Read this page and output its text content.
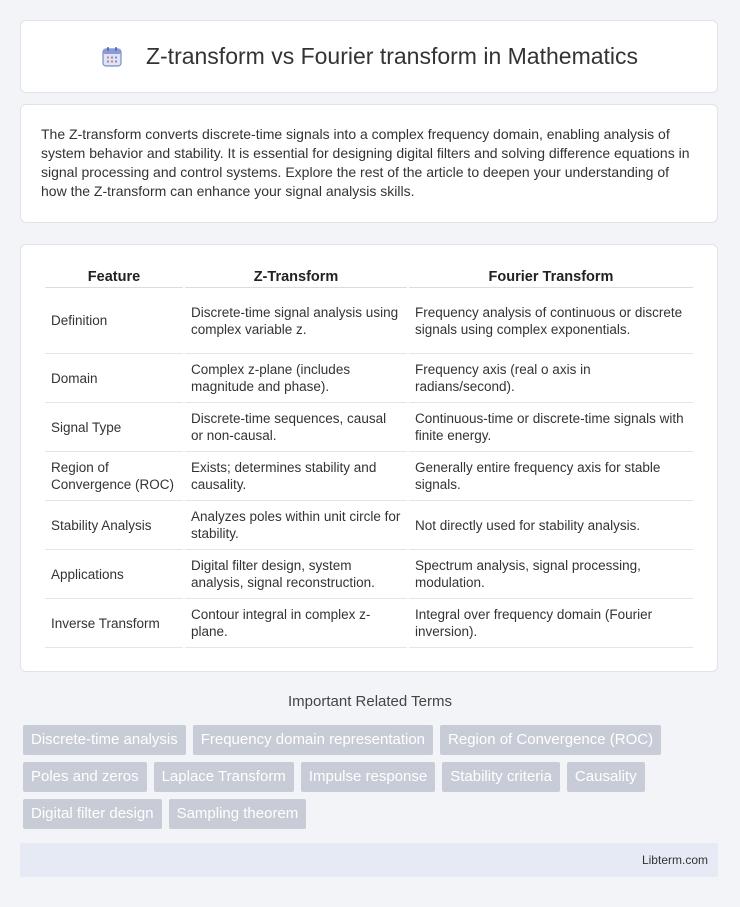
Z-transform vs Fourier transform in Mathematics

The Z-transform converts discrete-time signals into a complex frequency domain, enabling analysis of system behavior and stability. It is essential for designing digital filters and solving difference equations in signal processing and control systems. Explore the rest of the article to deepen your understanding of how the Z-transform can enhance your signal analysis skills.

Feature	Z-Transform	Fourier Transform
Definition	Discrete-time signal analysis using complex variable z.	Frequency analysis of continuous or discrete signals using complex exponentials.
Domain	Complex z-plane (includes magnitude and phase).	Frequency axis (real ο axis in radians/second).
Signal Type	Discrete-time sequences, causal or non-causal.	Continuous-time or discrete-time signals with finite energy.
Region of Convergence (ROC)	Exists; determines stability and causality.	Generally entire frequency axis for stable signals.
Stability Analysis	Analyzes poles within unit circle for stability.	Not directly used for stability analysis.
Applications	Digital filter design, system analysis, signal reconstruction.	Spectrum analysis, signal processing, modulation.
Inverse Transform	Contour integral in complex z-plane.	Integral over frequency domain (Fourier inversion).
Important Related Terms
Discrete-time analysis	Frequency domain representation	Region of Convergence (ROC)
Poles and zeros	Laplace Transform	Impulse response	Stability criteria	Causality
Digital filter design	Sampling theorem
Libterm.com
